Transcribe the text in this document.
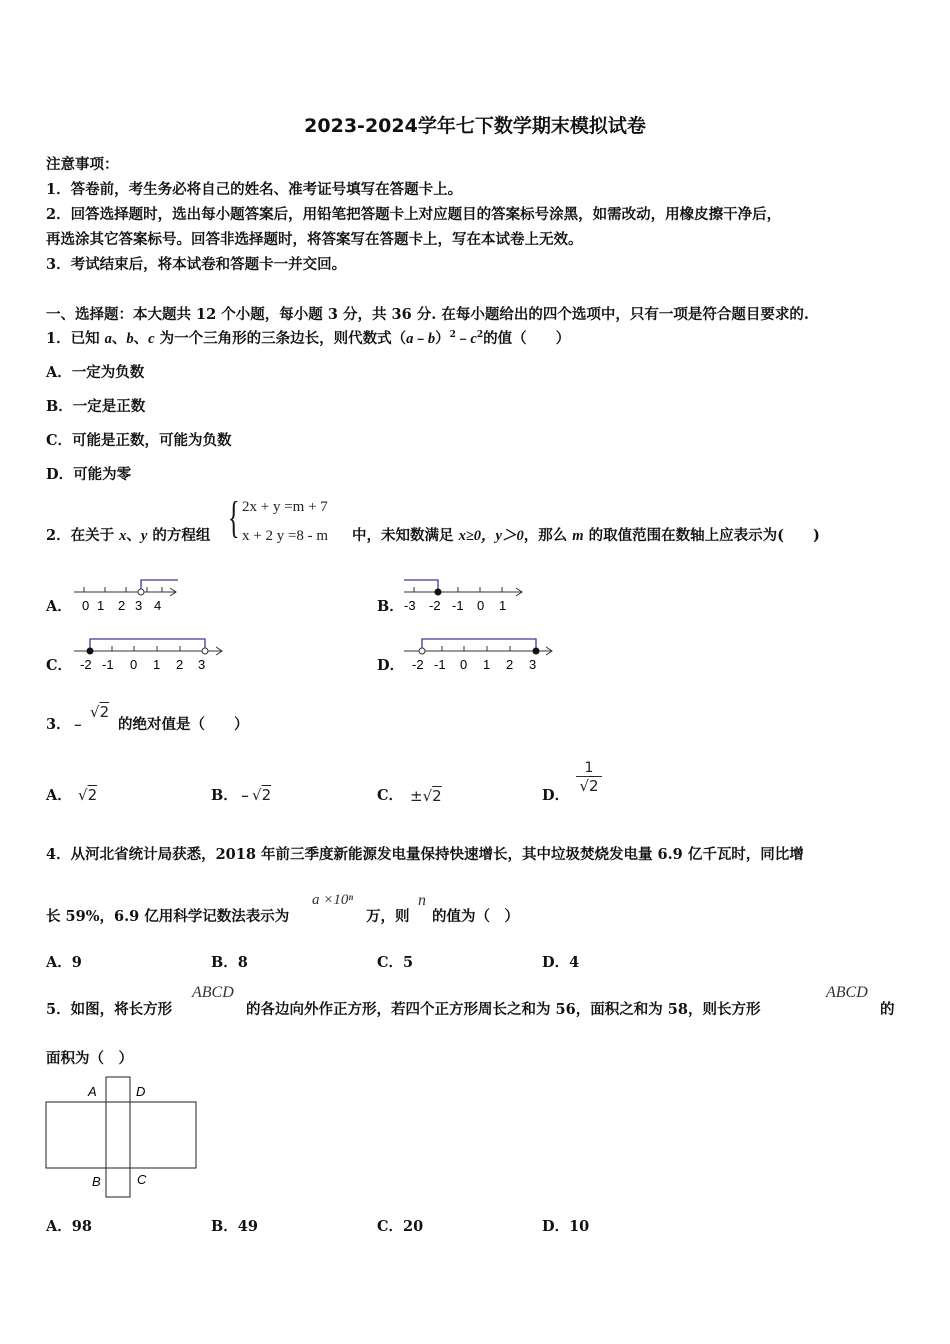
2023-2024学年七下数学期末模拟试卷
注意事项：
1．答卷前，考生务必将自己的姓名、准考证号填写在答题卡上。
2．回答选择题时，选出每小题答案后，用铅笔把答题卡上对应题目的答案标号涂黑，如需改动，用橡皮擦干净后，
再选涂其它答案标号。回答非选择题时，将答案写在答题卡上，写在本试卷上无效。
3．考试结束后，将本试卷和答题卡一并交回。
一、选择题：本大题共 12 个小题，每小题 3 分，共 36 分. 在每小题给出的四个选项中，只有一项是符合题目要求的.
1．已知 a、b、c 为一个三角形的三条边长，则代数式$(a﹣b)^2﹣c^2$的值（　　）
A．一定为负数
B．一定是正数
C．可能是正数，可能为负数
D．可能为零
2．在关于 x、y 的方程组 { 2x + y =m + 7
x + 2 y =8 - m 中，未知数满足 x≥0，y＞0，那么 m 的取值范围在数轴上应表示为(　　)
A． 0 1 2 3 4	B． -3 -2 -1 0 1
C． -2 -1 0 1 2 3	D． -2 -1 0 1 2 3
3．﹣
√2
的绝对值是（　　）
A． √2	B．﹣ √2	C． ±√2	D．
1
√2
4．从河北省统计局获悉，2018 年前三季度新能源发电量保持快速增长，其中垃圾焚烧发电量 6.9 亿千瓦时，同比增
长 59%，6.9 亿用科学记数法表示为
a ×10ⁿ
万，则
n
的值为（　）
A．9	B．8	C．5	D．4
5．如图，将长方形
ABCD
的各边向外作正方形，若四个正方形周长之和为 56，面积之和为 58，则长方形
ABCD
的
面积为（　）
A	D
B	C
A．98	B．49	C．20	D．10
